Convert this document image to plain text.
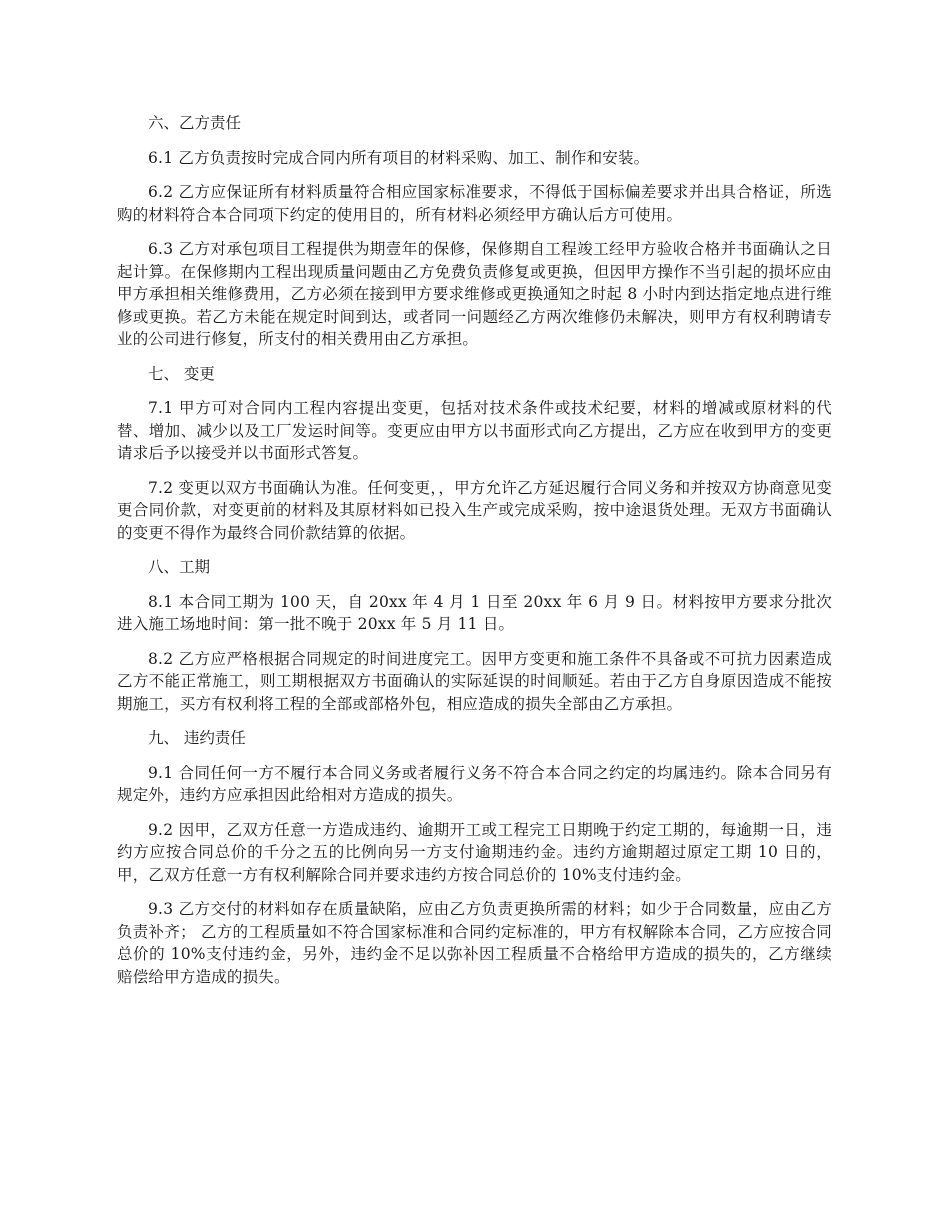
六、乙方责任

6.1 乙方负责按时完成合同内所有项目的材料采购、加工、制作和安装。

6.2 乙方应保证所有材料质量符合相应国家标准要求，不得低于国标偏差要求并出具合格证，所选购的材料符合本合同项下约定的使用目的，所有材料必须经甲方确认后方可使用。

6.3 乙方对承包项目工程提供为期壹年的保修，保修期自工程竣工经甲方验收合格并书面确认之日起计算。在保修期内工程出现质量问题由乙方免费负责修复或更换，但因甲方操作不当引起的损坏应由甲方承担相关维修费用，乙方必须在接到甲方要求维修或更换通知之时起 8 小时内到达指定地点进行维修或更换。若乙方未能在规定时间到达，或者同一问题经乙方两次维修仍未解决，则甲方有权利聘请专业的公司进行修复，所支付的相关费用由乙方承担。

七、 变更

7.1 甲方可对合同内工程内容提出变更，包括对技术条件或技术纪要，材料的增减或原材料的代替、增加、减少以及工厂发运时间等。变更应由甲方以书面形式向乙方提出，乙方应在收到甲方的变更请求后予以接受并以书面形式答复。

7.2 变更以双方书面确认为准。任何变更，，甲方允许乙方延迟履行合同义务和并按双方协商意见变更合同价款，对变更前的材料及其原材料如已投入生产或完成采购，按中途退货处理。无双方书面确认的变更不得作为最终合同价款结算的依据。

八、工期

8.1 本合同工期为 100 天，自 20xx 年 4 月 1 日至 20xx 年 6 月 9 日。材料按甲方要求分批次进入施工场地时间：第一批不晚于 20xx 年 5 月 11 日。

8.2 乙方应严格根据合同规定的时间进度完工。因甲方变更和施工条件不具备或不可抗力因素造成乙方不能正常施工，则工期根据双方书面确认的实际延误的时间顺延。若由于乙方自身原因造成不能按期施工，买方有权利将工程的全部或部格外包，相应造成的损失全部由乙方承担。

九、 违约责任

9.1 合同任何一方不履行本合同义务或者履行义务不符合本合同之约定的均属违约。除本合同另有规定外，违约方应承担因此给相对方造成的损失。

9.2 因甲，乙双方任意一方造成违约、逾期开工或工程完工日期晚于约定工期的，每逾期一日，违约方应按合同总价的千分之五的比例向另一方支付逾期违约金。违约方逾期超过原定工期 10 日的，甲，乙双方任意一方有权利解除合同并要求违约方按合同总价的 10%支付违约金。

9.3 乙方交付的材料如存在质量缺陷，应由乙方负责更换所需的材料；如少于合同数量，应由乙方负责补齐； 乙方的工程质量如不符合国家标准和合同约定标准的，甲方有权解除本合同，乙方应按合同总价的 10%支付违约金，另外，违约金不足以弥补因工程质量不合格给甲方造成的损失的，乙方继续赔偿给甲方造成的损失。
